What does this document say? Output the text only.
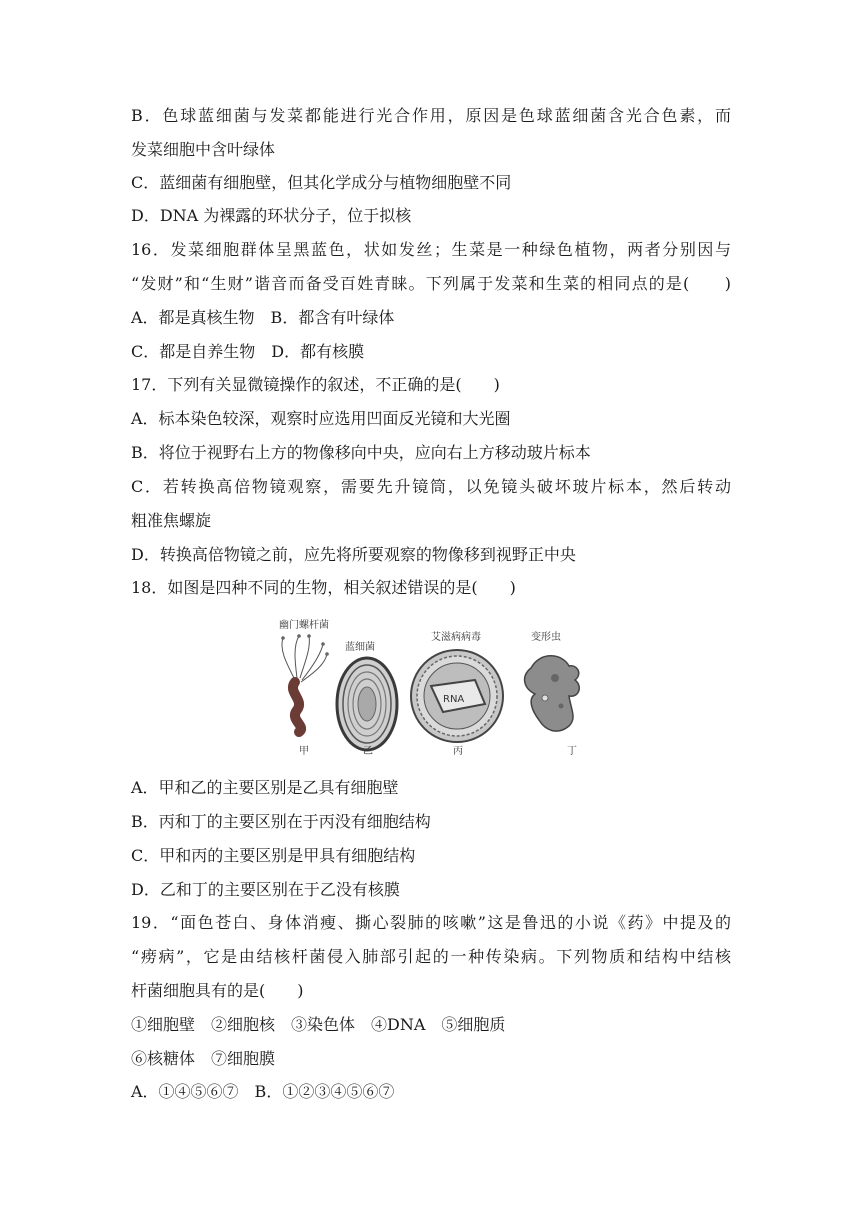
B．色球蓝细菌与发菜都能进行光合作用，原因是色球蓝细菌含光合色素，而
发菜细胞中含叶绿体
C．蓝细菌有细胞壁，但其化学成分与植物细胞壁不同
D．DNA 为裸露的环状分子，位于拟核
16．发菜细胞群体呈黑蓝色，状如发丝；生菜是一种绿色植物，两者分别因与
“发财”和“生财”谐音而备受百姓青睐。下列属于发菜和生菜的相同点的是(　　)
A．都是真核生物　B．都含有叶绿体
C．都是自养生物　D．都有核膜
17．下列有关显微镜操作的叙述，不正确的是(　　)
A．标本染色较深，观察时应选用凹面反光镜和大光圈
B．将位于视野右上方的物像移向中央，应向右上方移动玻片标本
C．若转换高倍物镜观察，需要先升镜筒，以免镜头破坏玻片标本，然后转动
粗准焦螺旋
D．转换高倍物镜之前，应先将所要观察的物像移到视野正中央
18．如图是四种不同的生物，相关叙述错误的是(　　)
幽门螺杆菌
蓝细菌
艾滋病病毒	变形虫
RNA
甲	乙	丙	丁
A．甲和乙的主要区别是乙具有细胞壁
B．丙和丁的主要区别在于丙没有细胞结构
C．甲和丙的主要区别是甲具有细胞结构
D．乙和丁的主要区别在于乙没有核膜
19．“面色苍白、身体消瘦、撕心裂肺的咳嗽”这是鲁迅的小说《药》中提及的
“痨病”，它是由结核杆菌侵入肺部引起的一种传染病。下列物质和结构中结核
杆菌细胞具有的是(　　)
①细胞壁　②细胞核　③染色体　④DNA　⑤细胞质
⑥核糖体　⑦细胞膜
A．①④⑤⑥⑦　B．①②③④⑤⑥⑦
